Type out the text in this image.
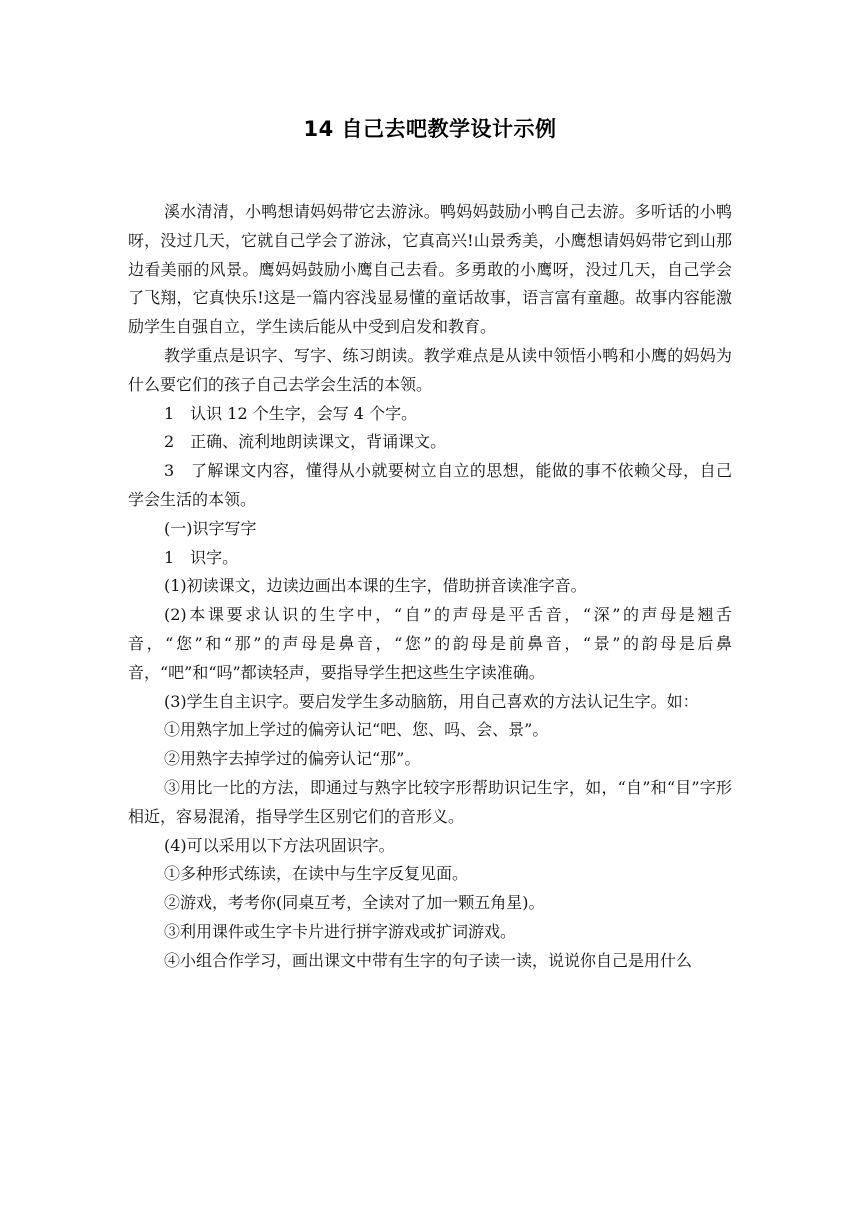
14 自己去吧教学设计示例

溪水清清，小鸭想请妈妈带它去游泳。鸭妈妈鼓励小鸭自己去游。多听话的小鸭呀，没过几天，它就自己学会了游泳，它真高兴!山景秀美，小鹰想请妈妈带它到山那边看美丽的风景。鹰妈妈鼓励小鹰自己去看。多勇敢的小鹰呀，没过几天，自己学会了飞翔，它真快乐!这是一篇内容浅显易懂的童话故事，语言富有童趣。故事内容能激励学生自强自立，学生读后能从中受到启发和教育。

教学重点是识字、写字、练习朗读。教学难点是从读中领悟小鸭和小鹰的妈妈为什么要它们的孩子自己去学会生活的本领。

1　认识 12 个生字，会写 4 个字。

2　正确、流利地朗读课文，背诵课文。

3　了解课文内容，懂得从小就要树立自立的思想，能做的事不依赖父母，自己学会生活的本领。

(一)识字写字

1　识字。

(1)初读课文，边读边画出本课的生字，借助拼音读准字音。

(2)本课要求认识的生字中，“自”的声母是平舌音，“深”的声母是翘舌音，“您”和“那”的声母是鼻音，“您”的韵母是前鼻音，“景”的韵母是后鼻音，“吧”和“吗”都读轻声，要指导学生把这些生字读准确。

(3)学生自主识字。要启发学生多动脑筋，用自己喜欢的方法认记生字。如：

①用熟字加上学过的偏旁认记“吧、您、吗、会、景”。

②用熟字去掉学过的偏旁认记“那”。

③用比一比的方法，即通过与熟字比较字形帮助识记生字，如，“自”和“目”字形相近，容易混淆，指导学生区别它们的音形义。

(4)可以采用以下方法巩固识字。

①多种形式练读，在读中与生字反复见面。

②游戏，考考你(同桌互考，全读对了加一颗五角星)。

③利用课件或生字卡片进行拼字游戏或扩词游戏。

④小组合作学习，画出课文中带有生字的句子读一读，说说你自己是用什么
